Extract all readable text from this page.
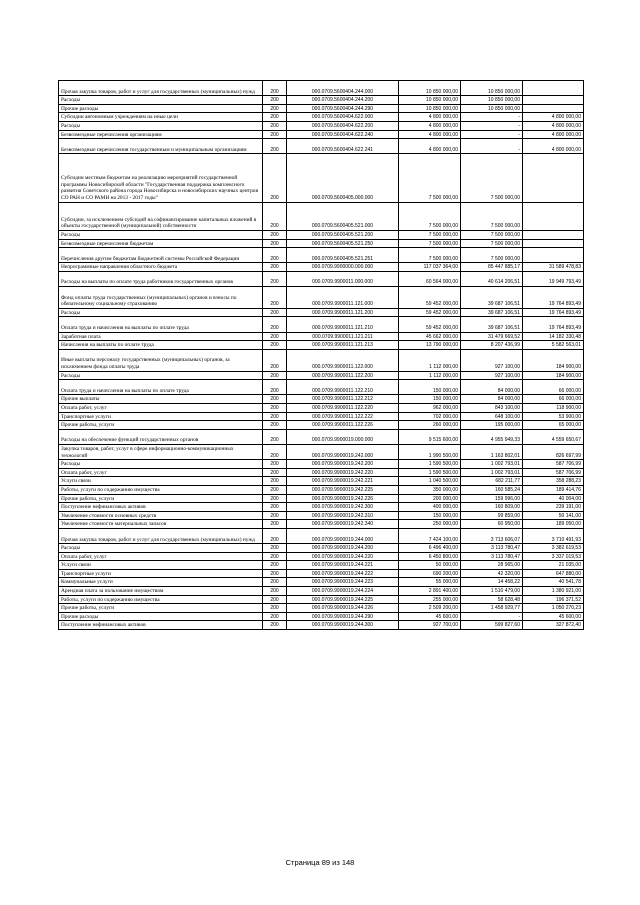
Прочая закупка товаров, работ и услуг для государственных (муниципальных) нужд	200	000.0709.5600404.244.000	10 850 000,00	10 850 000,00	
Расходы	200	000.0709.5600404.244.200	10 850 000,00	10 850 000,00	
Прочие расходы	200	000.0709.5600404.244.290	10 850 000,00	10 850 000,00	
Субсидии автономным учреждениям на иные цели	200	000.0709.5600404.622.000	4 800 000,00	-	4 800 000,00
Расходы	200	000.0709.5600404.622.200	4 800 000,00	-	4 800 000,00
Безвозмездные перечисления организациям	200	000.0709.5600404.622.240	4 800 000,00	-	4 800 000,00
Безвозмездные перечисления государственным и муниципальным организациям	200	000.0709.5600404.622.241	4 800 000,00	-	4 800 000,00
Субсидии местным бюджетам на реализацию мероприятий государственной программы Новосибирской области "Государственная поддержка комплексного развития Советского района города Новосибирска и новосибирских научных центров СО РАН и СО РАМН на 2013 - 2017 годы"	200	000.0709.5600405.000.000	7 500 000,00	7 500 000,00	
Субсидии, за исключением субсидий на софинансирование капитальных вложений в объекты государственной (муниципальной) собственности	200	000.0709.5600405.521.000	7 500 000,00	7 500 000,00	
Расходы	200	000.0709.5600405.521.200	7 500 000,00	7 500 000,00	
Безвозмездные перечисления бюджетам	200	000.0709.5600405.521.250	7 500 000,00	7 500 000,00	
Перечисления другим бюджетам бюджетной системы Российской Федерации	200	000.0709.5600405.521.251	7 500 000,00	7 500 000,00	
Непрограммные направления областного бюджета	200	000.0709.9900000.000.000	117 037 364,00	85 447 885,17	31 589 478,83
Расходы на выплаты по оплате труда работников государственных органов	200	000.0709.9900011.000.000	60 564 000,00	40 614 206,51	19 949 793,49
Фонд оплаты труда государственных (муниципальных) органов и взносы по обязательному социальному страхованию	200	000.0709.9900011.121.000	59 452 000,00	39 687 106,51	19 764 893,49
Расходы	200	000.0709.9900011.121.200	59 452 000,00	39 687 106,51	19 764 893,49
Оплата труда и начисления на выплаты по оплате труда	200	000.0709.9900011.121.210	59 452 000,00	39 687 106,51	19 764 893,49
Заработная плата	200	000.0709.9900011.121.211	45 662 000,00	31 479 669,52	14 182 330,48
Начисления на выплаты по оплате труда	200	000.0709.9900011.121.213	13 790 000,00	8 207 436,99	5 582 563,01
Иные выплаты персоналу государственных (муниципальных) органов, за исключением фонда оплаты труда	200	000.0709.9900011.122.000	1 112 000,00	927 100,00	184 900,00
Расходы	200	000.0709.9900011.122.200	1 112 000,00	927 100,00	184 900,00
Оплата труда и начисления на выплаты по оплате труда	200	000.0709.9900011.122.210	150 000,00	84 000,00	66 000,00
Прочие выплаты	200	000.0709.9900011.122.212	150 000,00	84 000,00	66 000,00
Оплата работ, услуг	200	000.0709.9900011.122.220	962 000,00	843 100,00	118 900,00
Транспортные услуги	200	000.0709.9900011.122.222	702 000,00	648 100,00	53 900,00
Прочие работы, услуги	200	000.0709.9900011.122.226	260 000,00	195 000,00	65 000,00
Расходы на обеспечение функций государственных органов	200	000.0709.9900019.000.000	9 515 600,00	4 955 949,33	4 559 650,67
Закупка товаров, работ, услуг в сфере информационно-коммуникационных технологий	200	000.0709.9900019.242.000	1 990 500,00	1 163 802,01	826 697,99
Расходы	200	000.0709.9900019.242.200	1 590 500,00	1 002 793,01	587 706,99
Оплата работ, услуг	200	000.0709.9900019.242.220	1 590 500,00	1 002 793,01	587 706,99
Услуги связи	200	000.0709.9900019.242.221	1 040 500,00	682 211,77	358 288,23
Работы, услуги по содержанию имущества	200	000.0709.9900019.242.225	350 000,00	160 585,24	189 414,76
Прочие работы, услуги	200	000.0709.9900019.242.226	200 000,00	159 996,00	40 004,00
Поступление нефинансовых активов	200	000.0709.9900019.242.300	400 000,00	160 809,00	239 191,00
Увеличение стоимости основных средств	200	000.0709.9900019.242.310	150 000,00	99 859,00	50 141,00
Увеличение стоимости материальных запасов	200	000.0709.9900019.242.340	250 000,00	60 950,00	189 050,00
Прочая закупка товаров, работ и услуг для государственных (муниципальных) нужд	200	000.0709.9900019.244.000	7 424 100,00	3 713 606,07	3 710 491,93
Расходы	200	000.0709.9900019.244.200	6 496 400,00	3 113 780,47	3 382 619,53
Оплата работ, услуг	200	000.0709.9900019.244.220	6 450 800,00	3 113 780,47	3 337 019,53
Услуги связи	200	000.0709.9900019.244.221	50 000,00	28 965,00	21 035,00
Транспортные услуги	200	000.0709.9900019.244.222	690 200,00	42 320,00	647 880,00
Коммунальные услуги	200	000.0709.9900019.244.223	55 000,00	14 458,22	40 541,78
Арендная плата за пользование имуществом	200	000.0709.9900019.244.224	2 891 400,00	1 510 479,00	1 380 921,00
Работы, услуги по содержанию имущества	200	000.0709.9900019.244.225	255 000,00	58 628,48	196 371,52
Прочие работы, услуги	200	000.0709.9900019.244.226	2 509 200,00	1 458 929,77	1 050 270,23
Прочие расходы	200	000.0709.9900019.244.290	45 600,00	-	45 600,00
Поступление нефинансовых активов	200	000.0709.9900019.244.300	927 700,00	599 827,60	327 872,40
Страница 89 из 148
